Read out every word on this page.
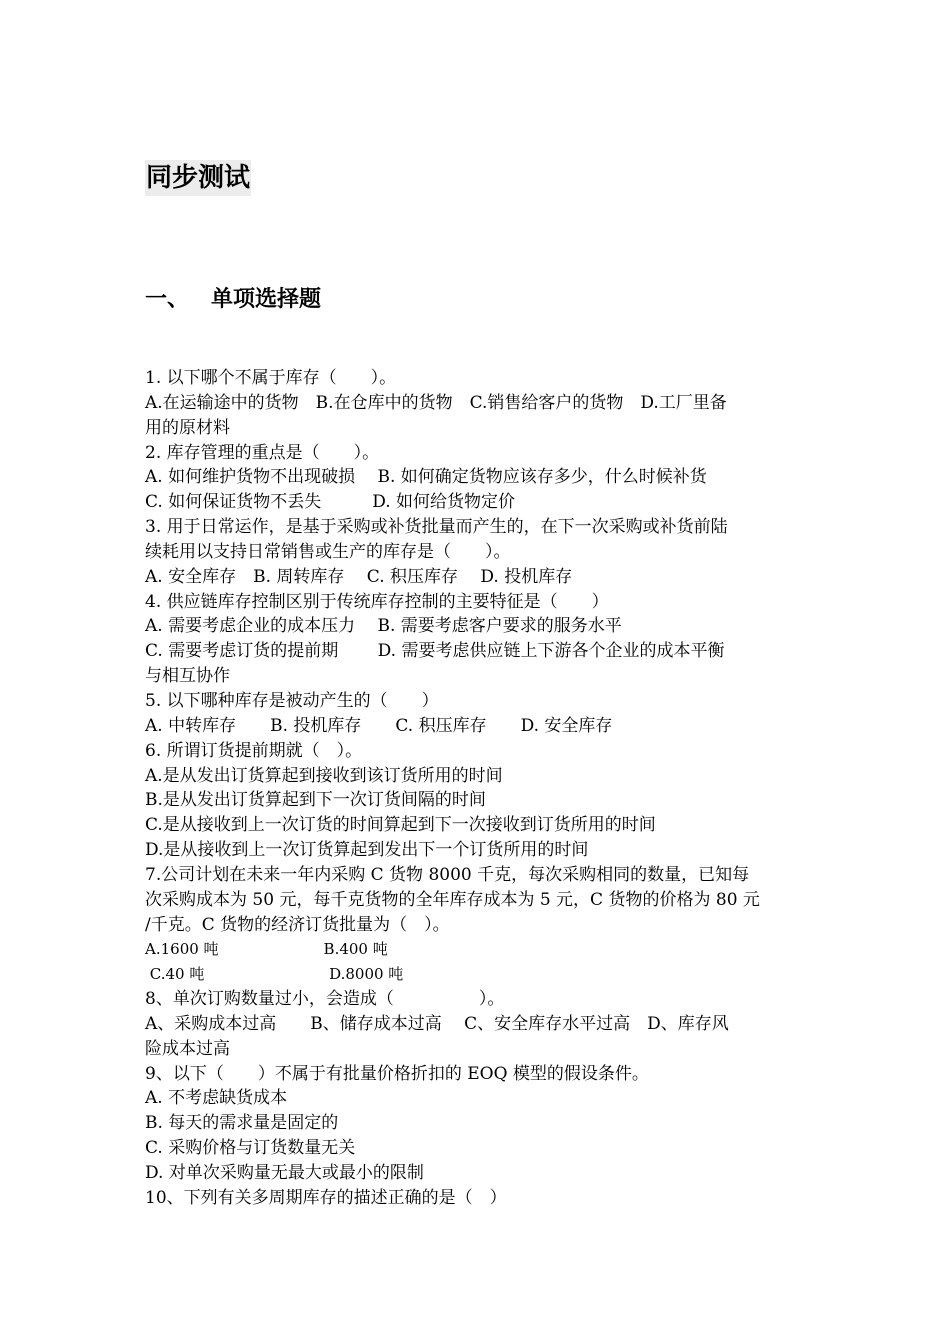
同步测试
一、 单项选择题
1. 以下哪个不属于库存（　　）。
A.在运输途中的货物　B.在仓库中的货物　C.销售给客户的货物　D.工厂里备
用的原材料
2. 库存管理的重点是（　　）。
A. 如何维护货物不出现破损　 B. 如何确定货物应该存多少，什么时候补货
C. 如何保证货物不丢失　　　D. 如何给货物定价
3. 用于日常运作，是基于采购或补货批量而产生的，在下一次采购或补货前陆
续耗用以支持日常销售或生产的库存是（　　）。
A. 安全库存　B. 周转库存　 C. 积压库存　 D. 投机库存
4. 供应链库存控制区别于传统库存控制的主要特征是（　　）
A. 需要考虑企业的成本压力　 B. 需要考虑客户要求的服务水平
C. 需要考虑订货的提前期　　 D. 需要考虑供应链上下游各个企业的成本平衡
与相互协作
5. 以下哪种库存是被动产生的（　　）
A. 中转库存　　B. 投机库存　　C. 积压库存　　D. 安全库存
6. 所谓订货提前期就（　）。
A.是从发出订货算起到接收到该订货所用的时间
B.是从发出订货算起到下一次订货间隔的时间
C.是从接收到上一次订货的时间算起到下一次接收到订货所用的时间
D.是从接收到上一次订货算起到发出下一个订货所用的时间
7.公司计划在未来一年内采购 C 货物 8000 千克，每次采购相同的数量，已知每
次采购成本为 50 元，每千克货物的全年库存成本为 5 元，C 货物的价格为 80 元
/千克。C 货物的经济订货批量为（　）。
A.1600 吨　　　　　　　B.400 吨
C.40 吨　　　　　　　　 D.8000 吨
8、单次订购数量过小，会造成（　　　　　）。
A、采购成本过高　　B、储存成本过高　 C、安全库存水平过高　D、库存风
险成本过高
9、以下（　　）不属于有批量价格折扣的 EOQ 模型的假设条件。
A. 不考虑缺货成本
B. 每天的需求量是固定的
C. 采购价格与订货数量无关
D. 对单次采购量无最大或最小的限制
10、下列有关多周期库存的描述正确的是（　）
